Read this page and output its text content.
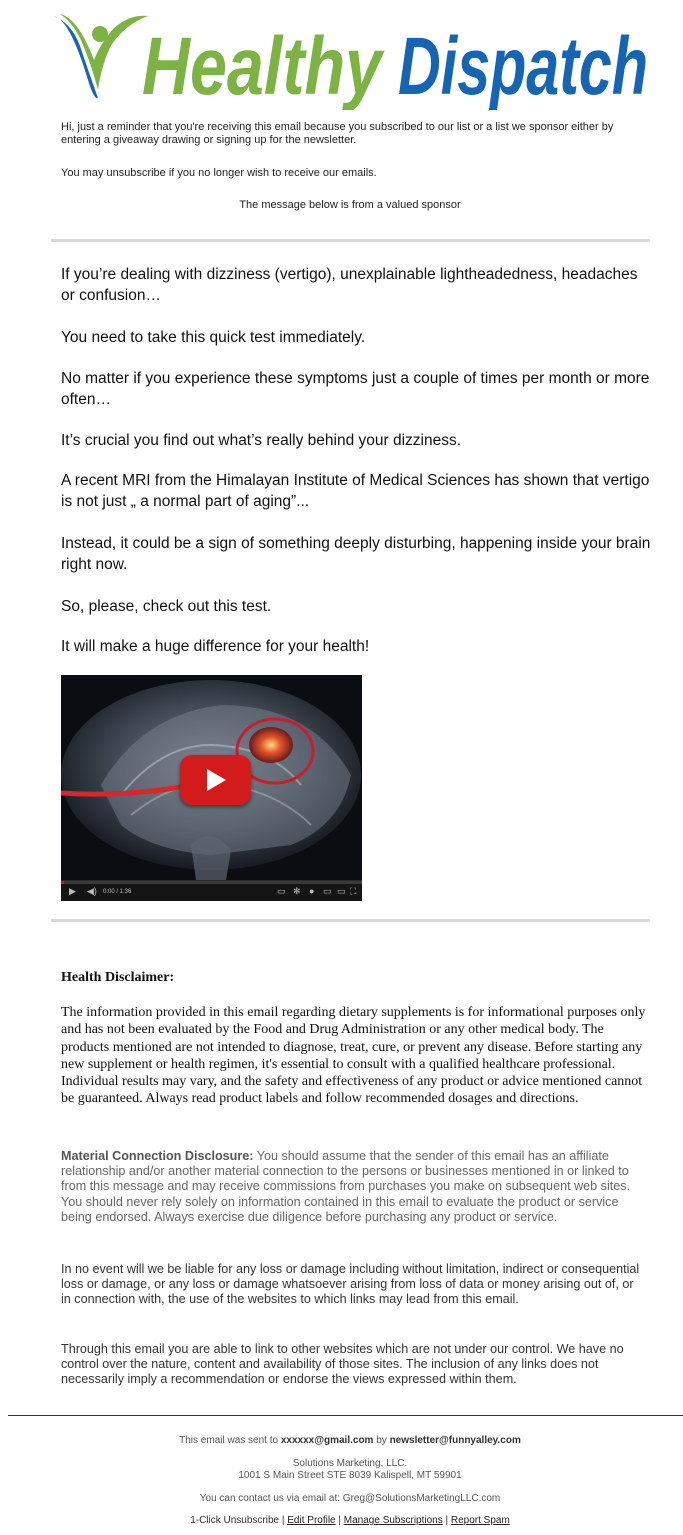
Healthy Dispatch
Hi, just a reminder that you're receiving this email because you subscribed to our list or a list we sponsor either by entering a giveaway drawing or signing up for the newsletter.
You may unsubscribe if you no longer wish to receive our emails.
The message below is from a valued sponsor
If you’re dealing with dizziness (vertigo), unexplainable lightheadedness, headaches or confusion…
You need to take this quick test immediately.
No matter if you experience these symptoms just a couple of times per month or more often…
It’s crucial you find out what’s really behind your dizziness.
A recent MRI from the Himalayan Institute of Medical Sciences has shown that vertigo is not just „ a normal part of aging”...
Instead, it could be a sign of something deeply disturbing, happening inside your brain right now.
So, please, check out this test.
It will make a huge difference for your health!
▶ ◀) 0:00 / 1:36	▭ ✻ ● ▭ ▭ ⛶
Health Disclaimer:
The information provided in this email regarding dietary supplements is for informational purposes only and has not been evaluated by the Food and Drug Administration or any other medical body. The products mentioned are not intended to diagnose, treat, cure, or prevent any disease. Before starting any new supplement or health regimen, it's essential to consult with a qualified healthcare professional. Individual results may vary, and the safety and effectiveness of any product or advice mentioned cannot be guaranteed. Always read product labels and follow recommended dosages and directions.
Material Connection Disclosure: You should assume that the sender of this email has an affiliate relationship and/or another material connection to the persons or businesses mentioned in or linked to from this message and may receive commissions from purchases you make on subsequent web sites. You should never rely solely on information contained in this email to evaluate the product or service being endorsed. Always exercise due diligence before purchasing any product or service.
In no event will we be liable for any loss or damage including without limitation, indirect or consequential loss or damage, or any loss or damage whatsoever arising from loss of data or money arising out of, or in connection with, the use of the websites to which links may lead from this email.
Through this email you are able to link to other websites which are not under our control. We have no control over the nature, content and availability of those sites. The inclusion of any links does not necessarily imply a recommendation or endorse the views expressed within them.
This email was sent to xxxxxx@gmail.com by newsletter@funnyalley.com
Solutions Marketing, LLC.
1001 S Main Street STE 8039 Kalispell, MT 59901
You can contact us via email at: Greg@SolutionsMarketingLLC.com
1-Click Unsubscribe | Edit Profile | Manage Subscriptions | Report Spam
